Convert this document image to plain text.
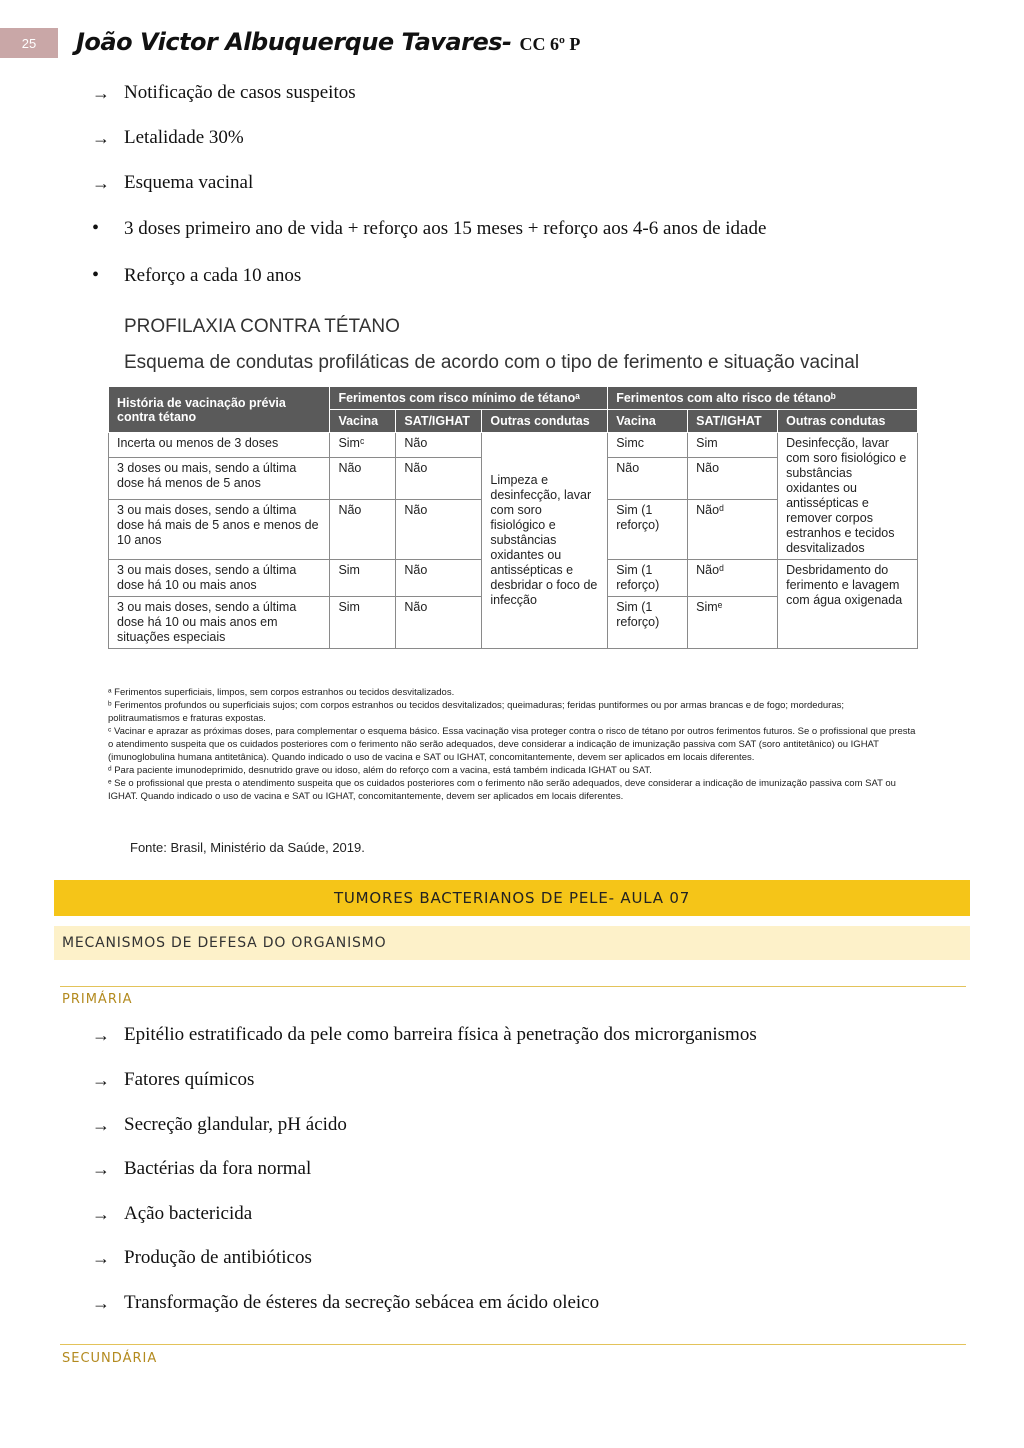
25	João Victor Albuquerque Tavares- CC 6º P
→ Notificação de casos suspeitos
→ Letalidade 30%
→ Esquema vacinal
•	3 doses primeiro ano de vida + reforço aos 15 meses + reforço aos 4-6 anos de idade
•	Reforço a cada 10 anos
PROFILAXIA CONTRA TÉTANO
Esquema de condutas profiláticas de acordo com o tipo de ferimento e situação vacinal
História de vacinação prévia contra tétano	Ferimentos com risco mínimo de tétanoᵃ			Ferimentos com alto risco de tétanoᵇ		
	Vacina	SAT/IGHAT	Outras condutas	Vacina	SAT/IGHAT	Outras condutas
Incerta ou menos de 3 doses	Simᶜ	Não	Limpeza e desinfecção, lavar com soro fisiológico e substâncias oxidantes ou antissépticas e desbridar o foco de infecção	Simc	Sim	Desinfecção, lavar com soro fisiológico e substâncias oxidantes ou antissépticas e remover corpos estranhos e tecidos desvitalizados
3 doses ou mais, sendo a última dose há menos de 5 anos	Não	Não		Não	Não	
3 ou mais doses, sendo a última dose há mais de 5 anos e menos de 10 anos	Não	Não		Sim (1 reforço)	Nãoᵈ	
3 ou mais doses, sendo a última dose há 10 ou mais anos	Sim	Não		Sim (1 reforço)	Nãoᵈ	Desbridamento do ferimento e lavagem com água oxigenada
3 ou mais doses, sendo a última dose há 10 ou mais anos em situações especiais	Sim	Não		Sim (1 reforço)	Simᵉ	
ᵃ Ferimentos superficiais, limpos, sem corpos estranhos ou tecidos desvitalizados.
ᵇ Ferimentos profundos ou superficiais sujos; com corpos estranhos ou tecidos desvitalizados; queimaduras; feridas puntiformes ou por armas brancas e de fogo; mordeduras; politraumatismos e fraturas expostas.
ᶜ Vacinar e aprazar as próximas doses, para complementar o esquema básico. Essa vacinação visa proteger contra o risco de tétano por outros ferimentos futuros. Se o profissional que presta o atendimento suspeita que os cuidados posteriores com o ferimento não serão adequados, deve considerar a indicação de imunização passiva com SAT (soro antitetânico) ou IGHAT (imunoglobulina humana antitetânica). Quando indicado o uso de vacina e SAT ou IGHAT, concomitantemente, devem ser aplicados em locais diferentes.
ᵈ Para paciente imunodeprimido, desnutrido grave ou idoso, além do reforço com a vacina, está também indicada IGHAT ou SAT.
ᵉ Se o profissional que presta o atendimento suspeita que os cuidados posteriores com o ferimento não serão adequados, deve considerar a indicação de imunização passiva com SAT ou IGHAT. Quando indicado o uso de vacina e SAT ou IGHAT, concomitantemente, devem ser aplicados em locais diferentes.
Fonte: Brasil, Ministério da Saúde, 2019.
TUMORES BACTERIANOS DE PELE- AULA 07
MECANISMOS DE DEFESA DO ORGANISMO
PRIMÁRIA
→ Epitélio estratificado da pele como barreira física à penetração dos microrganismos
→ Fatores químicos
→ Secreção glandular, pH ácido
→ Bactérias da fora normal
→ Ação bactericida
→ Produção de antibióticos
→ Transformação de ésteres da secreção sebácea em ácido oleico
SECUNDÁRIA
